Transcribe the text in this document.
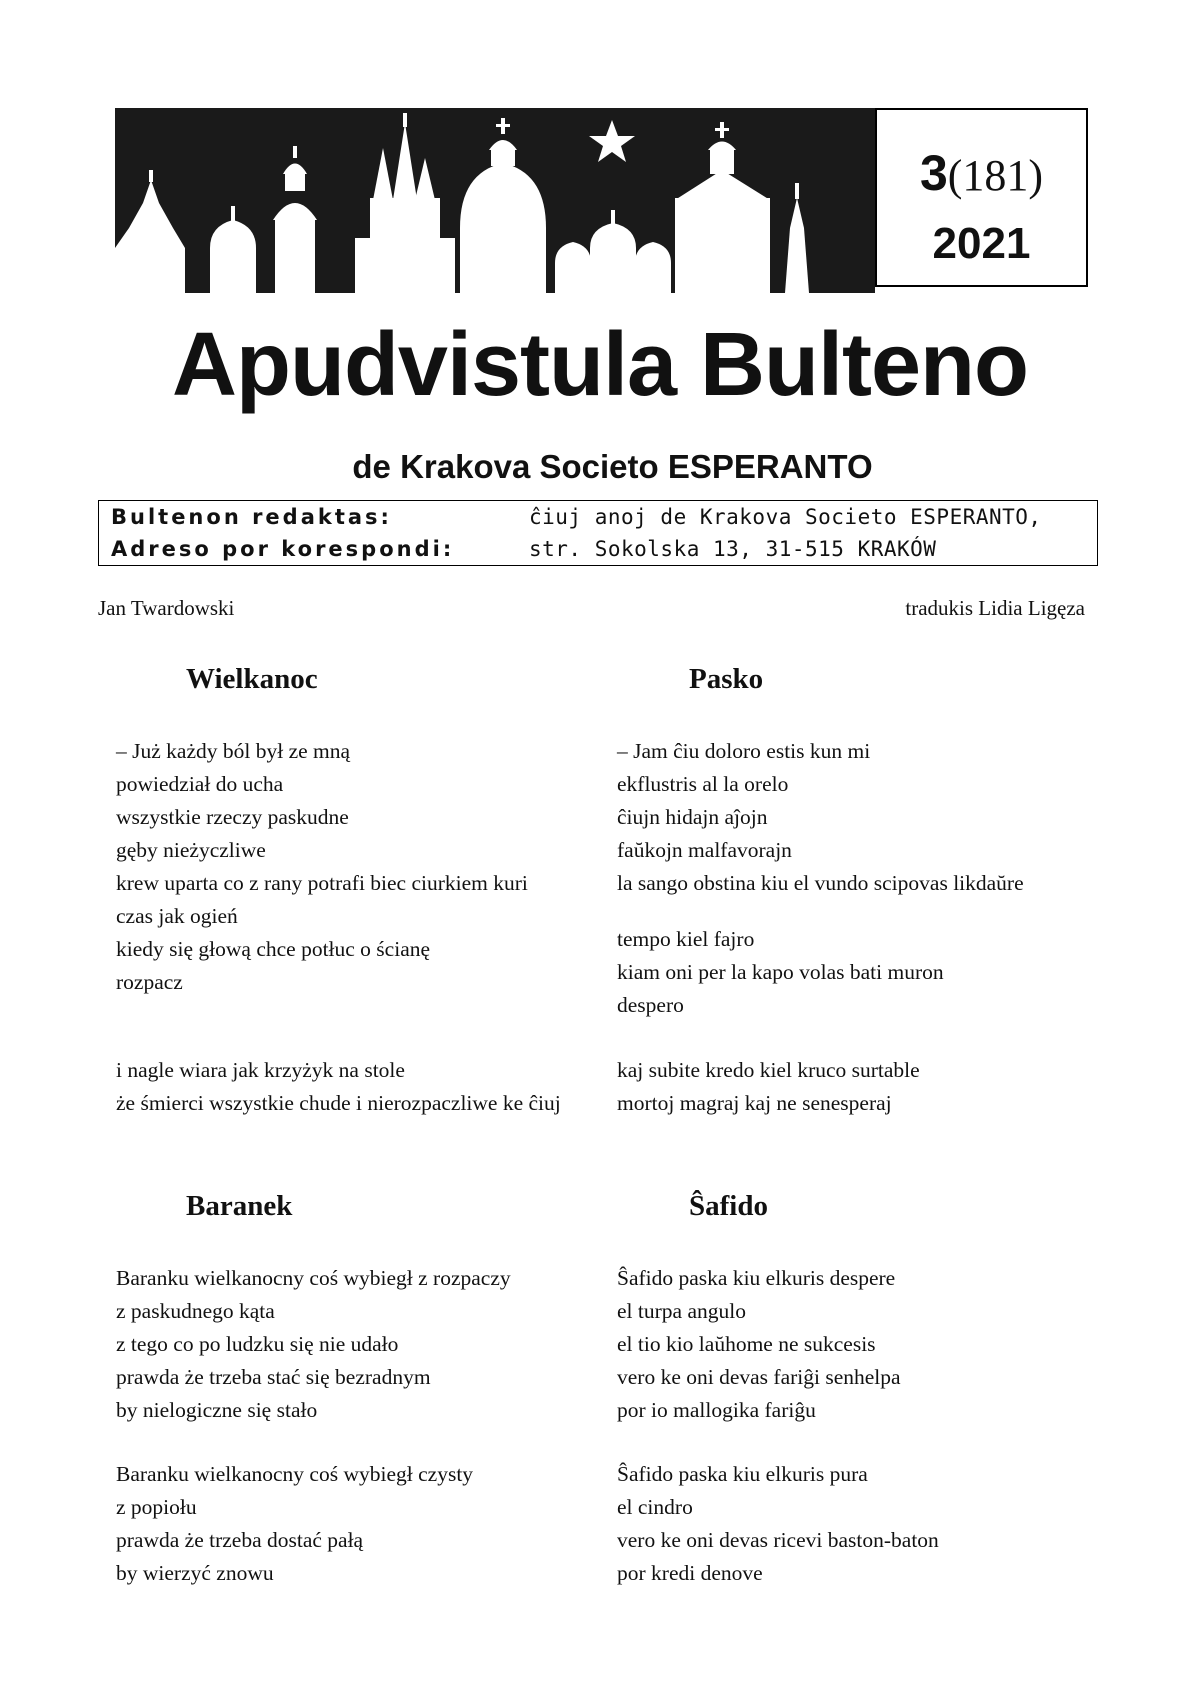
3(181)
2021
Apudvistula Bulteno
de Krakova Societo ESPERANTO
Bultenon redaktas:	ĉiuj anoj de Krakova Societo ESPERANTO,
Adreso por korespondi:	str. Sokolska 13, 31-515 KRAKÓW
Jan Twardowski	tradukis Lidia Ligęza
Wielkanoc	Pasko
– Już każdy ból był ze mną
powiedział do ucha
wszystkie rzeczy paskudne
gęby nieżyczliwe
krew uparta co z rany potrafi biec ciurkiem kuri
czas jak ogień
kiedy się głową chce potłuc o ścianę
rozpacz
– Jam ĉiu doloro estis kun mi
ekflustris al la orelo
ĉiujn hidajn aĵojn
faŭkojn malfavorajn
la sango obstina kiu el vundo scipovas likdaŭre
tempo kiel fajro
kiam oni per la kapo volas bati muron
despero
i nagle wiara jak krzyżyk na stole
że śmierci wszystkie chude i nierozpaczliwe ke ĉiuj
kaj subite kredo kiel kruco surtable
mortoj magraj kaj ne senesperaj
Baranek	Ŝafido
Baranku wielkanocny coś wybiegł z rozpaczy
z paskudnego kąta
z tego co po ludzku się nie udało
prawda że trzeba stać się bezradnym
by nielogiczne się stało
Ŝafido paska kiu elkuris despere
el turpa angulo
el tio kio laŭhome ne sukcesis
vero ke oni devas fariĝi senhelpa
por io mallogika fariĝu
Baranku wielkanocny coś wybiegł czysty
z popiołu
prawda że trzeba dostać pałą
by wierzyć znowu
Ŝafido paska kiu elkuris pura
el cindro
vero ke oni devas ricevi baston-baton
por kredi denove
